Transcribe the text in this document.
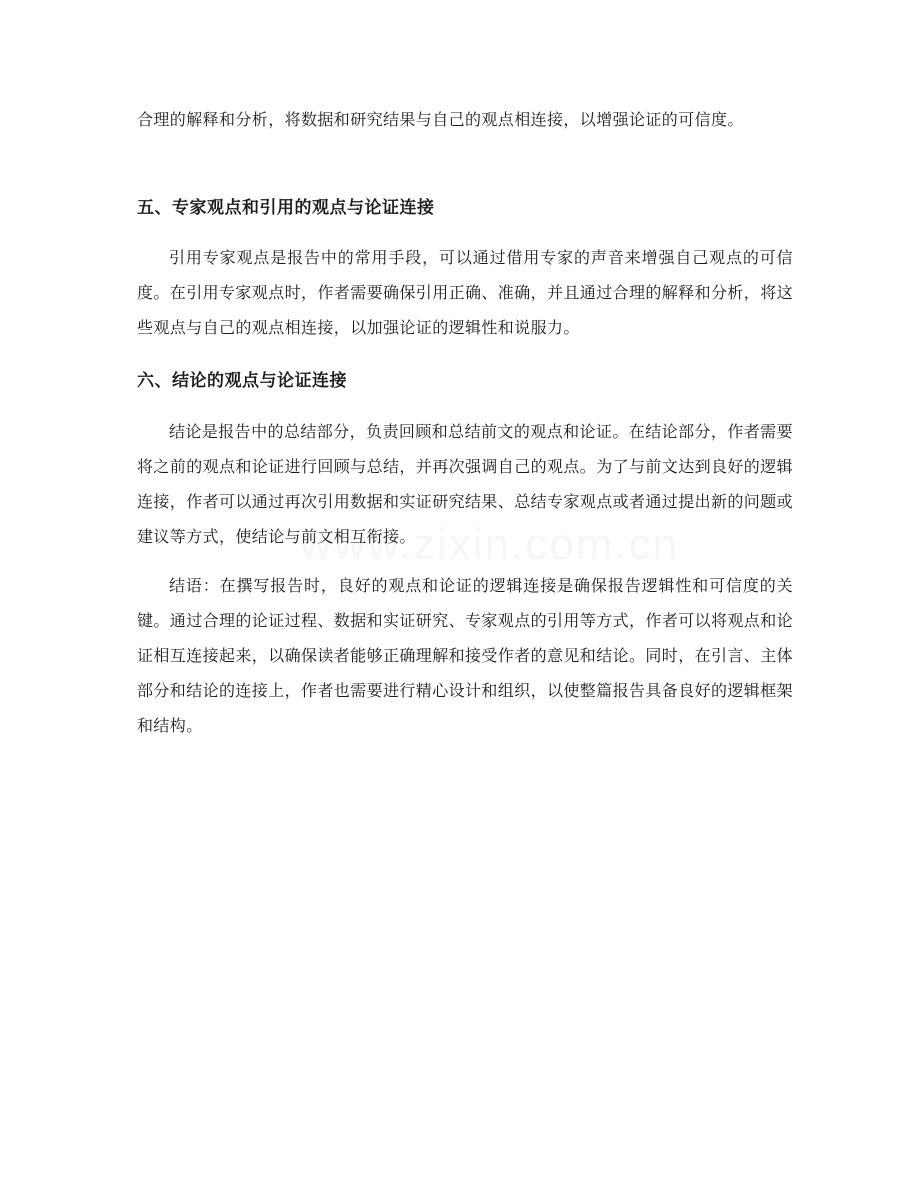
合理的解释和分析，将数据和研究结果与自己的观点相连接，以增强论证的可信度。

五、专家观点和引用的观点与论证连接

引用专家观点是报告中的常用手段，可以通过借用专家的声音来增强自己观点的可信度。在引用专家观点时，作者需要确保引用正确、准确，并且通过合理的解释和分析，将这些观点与自己的观点相连接，以加强论证的逻辑性和说服力。

六、结论的观点与论证连接

结论是报告中的总结部分，负责回顾和总结前文的观点和论证。在结论部分，作者需要将之前的观点和论证进行回顾与总结，并再次强调自己的观点。为了与前文达到良好的逻辑连接，作者可以通过再次引用数据和实证研究结果、总结专家观点或者通过提出新的问题或建议等方式，使结论与前文相互衔接。

结语：在撰写报告时，良好的观点和论证的逻辑连接是确保报告逻辑性和可信度的关键。通过合理的论证过程、数据和实证研究、专家观点的引用等方式，作者可以将观点和论证相互连接起来，以确保读者能够正确理解和接受作者的意见和结论。同时，在引言、主体部分和结论的连接上，作者也需要进行精心设计和组织，以使整篇报告具备良好的逻辑框架和结构。
